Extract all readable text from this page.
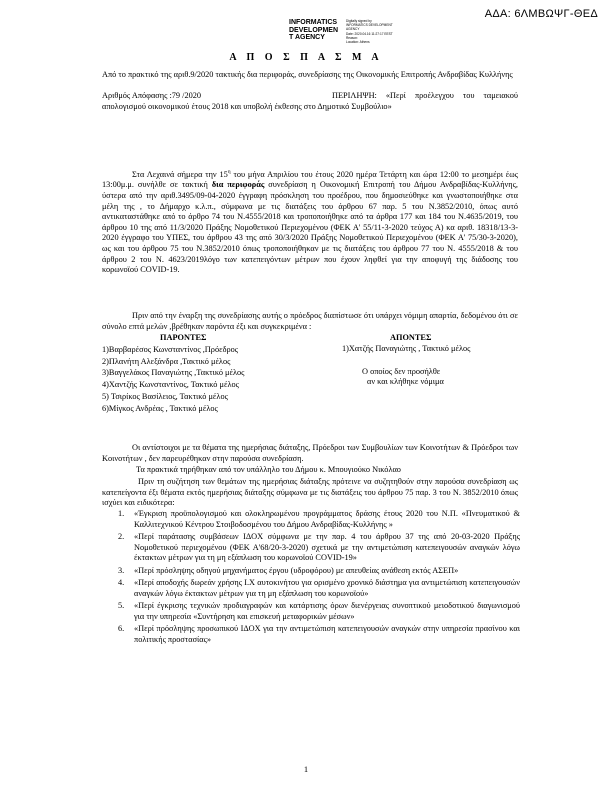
ΑΔΑ: 6ΛΜΒΩΨΓ-ΘΕΔ
INFORMATICS
DEVELOPMEN
T AGENCY
Digitally signed by
INFORMATICS DEVELOPMENT
AGENCY
Date: 2020.04.16 11:27:17 EEST
Reason:
Location: Athens
Α Π Ο Σ Π Α Σ Μ Α
Από το πρακτικό της αριθ.9/2020 τακτικής δια περιφοράς, συνεδρίασης της Οικονομικής Επιτροπής Ανδραβίδας Κυλλήνης
Αριθμός Απόφασης :79 /2020	ΠΕΡΙΛΗΨΗ: «Περί προέλεγχου του ταμειακού απολογισμού οικονομικού έτους 2018 και υποβολή έκθεσης στο Δημοτικό Συμβούλιο»
Στα Λεχαινά σήμερα την $15^\eta$ του μήνα Απριλίου του έτους 2020 ημέρα Τετάρτη και ώρα 12:00 το μεσημέρι έως 13:00μ.μ. συνήλθε σε τακτική δια περιφοράς συνεδρίαση η Οικονομική Επιτροπή του Δήμου Ανδραβίδας-Κυλλήνης, ύστερα από την αριθ.3495/09-04-2020 έγγραφη πρόσκληση του προέδρου, που δημοσιεύθηκε και γνωστοποιήθηκε στα μέλη της , το Δήμαρχο κ.λ.π., σύμφωνα με τις διατάξεις του άρθρου 67 παρ. 5 του Ν.3852/2010, όπως αυτό αντικαταστάθηκε από το άρθρο 74 του Ν.4555/2018 και τροποποιήθηκε από τα άρθρα 177 και 184 του Ν.4635/2019, του άρθρου 10 της από 11/3/2020 Πράξης Νομοθετικού Περιεχομένου (ΦΕΚ Α' 55/11-3-2020 τεύχος Α) κα αριθ. 18318/13-3-2020 έγγραφο του ΥΠΕΣ, του άρθρου 43 της από 30/3/2020 Πράξης Νομοθετικού Περιεχομένου (ΦΕΚ Α' 75/30-3-2020), ως και του άρθρου 75 του Ν.3852/2010 όπως τροποποιήθηκαν με τις διατάξεις του άρθρου 77 του Ν. 4555/2018 & του άρθρου 2 του Ν. 4623/2019λόγο των κατεπειγόντων μέτρων που έχουν ληφθεί για την αποφυγή της διάδοσης του κορωνοϊού COVID-19.
Πριν από την έναρξη της συνεδρίασης αυτής ο πρόεδρος διαπίστωσε ότι υπάρχει νόμιμη απαρτία, δεδομένου ότι σε σύνολο επτά μελών ,βρέθηκαν παρόντα έξι και συγκεκριμένα :
ΠΑΡΟΝΤΕΣ	ΑΠΟΝΤΕΣ
1)Βαρβαρέσος Κωνσταντίνος ,Πρόεδρος
2)Πλανήτη Αλεξάνδρα ,Τακτικό μέλος
3)Βαγγελάκος Παναγιώτης ,Τακτικό μέλος
4)Χαντζής Κωνσταντίνος, Τακτικό μέλος
5) Τσιρίκος Βασίλειος, Τακτικό μέλος
6)Μίγκος Ανδρέας , Τακτικό μέλος
1)Χατζής Παναγιώτης , Τακτικό μέλος
Ο οποίος δεν προσήλθε
αν και κλήθηκε νόμιμα
Οι αντίστοιχοι με τα θέματα της ημερήσιας διάταξης, Πρόεδροι των Συμβουλίων των Κοινοτήτων & Πρόεδροι των Κοινοτήτων , δεν παρευρέθηκαν στην παρούσα συνεδρίαση.
Τα πρακτικά τηρήθηκαν από τον υπάλληλο του Δήμου κ. Μπουγιούκο Νικόλαο
Πριν τη συζήτηση των θεμάτων της ημερήσιας διάταξης πρότεινε να συζητηθούν στην παρούσα συνεδρίαση ως κατεπείγοντα έξι θέματα εκτός ημερήσιας διάταξης σύμφωνα με τις διατάξεις του άρθρου 75 παρ. 3 του Ν. 3852/2010 όπως ισχύει και ειδικότερα:
1. «Έγκριση προϋπολογισμού και ολοκληρωμένου προγράμματος δράσης έτους 2020 του Ν.Π. «Πνευματικού & Καλλιτεχνικού Κέντρου Στοιβοδοσμένου του Δήμου Ανδραβίδας-Κυλλήνης »
2. «Περί παράτασης συμβάσεων ΙΔΟΧ σύμφωνα με την παρ. 4 του άρθρου 37 της από 20-03-2020 Πράξης Νομοθετικού περιεχομένου (ΦΕΚ Α'68/20-3-2020) σχετικά με την αντιμετώπιση κατεπειγουσών αναγκών λόγω έκτακτων μέτρων για τη μη εξάπλωση του κορωνοϊού COVID-19»
3. «Περί πρόσληψης οδηγού μηχανήματος έργου (υδροφόρου) με απευθείας ανάθεση εκτός ΑΣΕΠ»
4. «Περί αποδοχής δωρεάν χρήσης Ι.Χ αυτοκινήτου για ορισμένο χρονικό διάστημα για αντιμετώπιση κατεπειγουσών αναγκών λόγω έκτακτων μέτρων για τη μη εξάπλωση του κορωνοϊού»
5. «Περί έγκρισης τεχνικών προδιαγραφών και κατάρτισης όρων διενέργειας συνοπτικού μειοδοτικού διαγωνισμού για την υπηρεσία «Συντήρηση και επισκευή μεταφορικών μέσων»
6. «Περί πρόσληψης προσωπικού ΙΔΟΧ για την αντιμετώπιση κατεπειγουσών αναγκών στην υπηρεσία πρασίνου και πολιτικής προστασίας»
1
